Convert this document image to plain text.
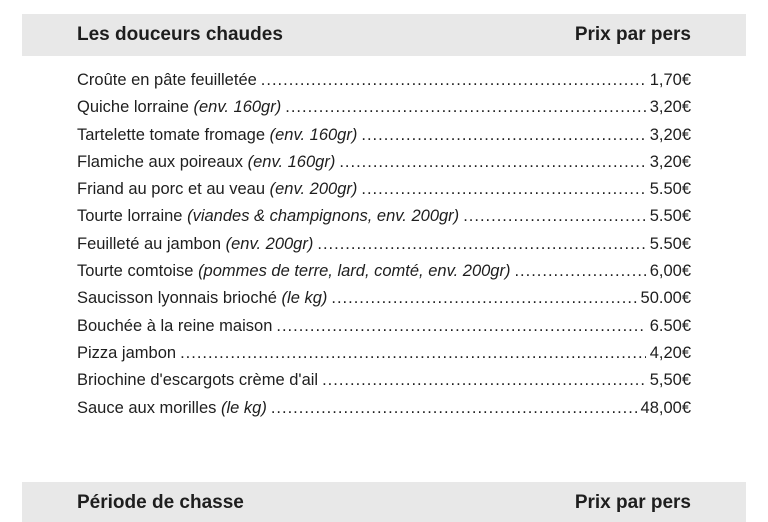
Les douceurs chaudes	Prix par pers
Croûte en pâte feuilletée .....	1,70€
Quiche lorraine (env. 160gr) .....	3,20€
Tartelette tomate fromage (env. 160gr) .....	3,20€
Flamiche aux poireaux (env. 160gr) .....	3,20€
Friand au porc et au veau (env. 200gr) .....	5.50€
Tourte lorraine (viandes & champignons, env. 200gr) .....	5.50€
Feuilleté au jambon (env. 200gr) .....	5.50€
Tourte comtoise (pommes de terre, lard, comté, env. 200gr) .....	6,00€
Saucisson lyonnais brioché (le kg) .....	50.00€
Bouchée à la reine maison .....	6.50€
Pizza jambon .....	4,20€
Briochine d'escargots crème d'ail .....	5,50€
Sauce aux morilles (le kg) .....	48,00€
Période de chasse	Prix par pers
